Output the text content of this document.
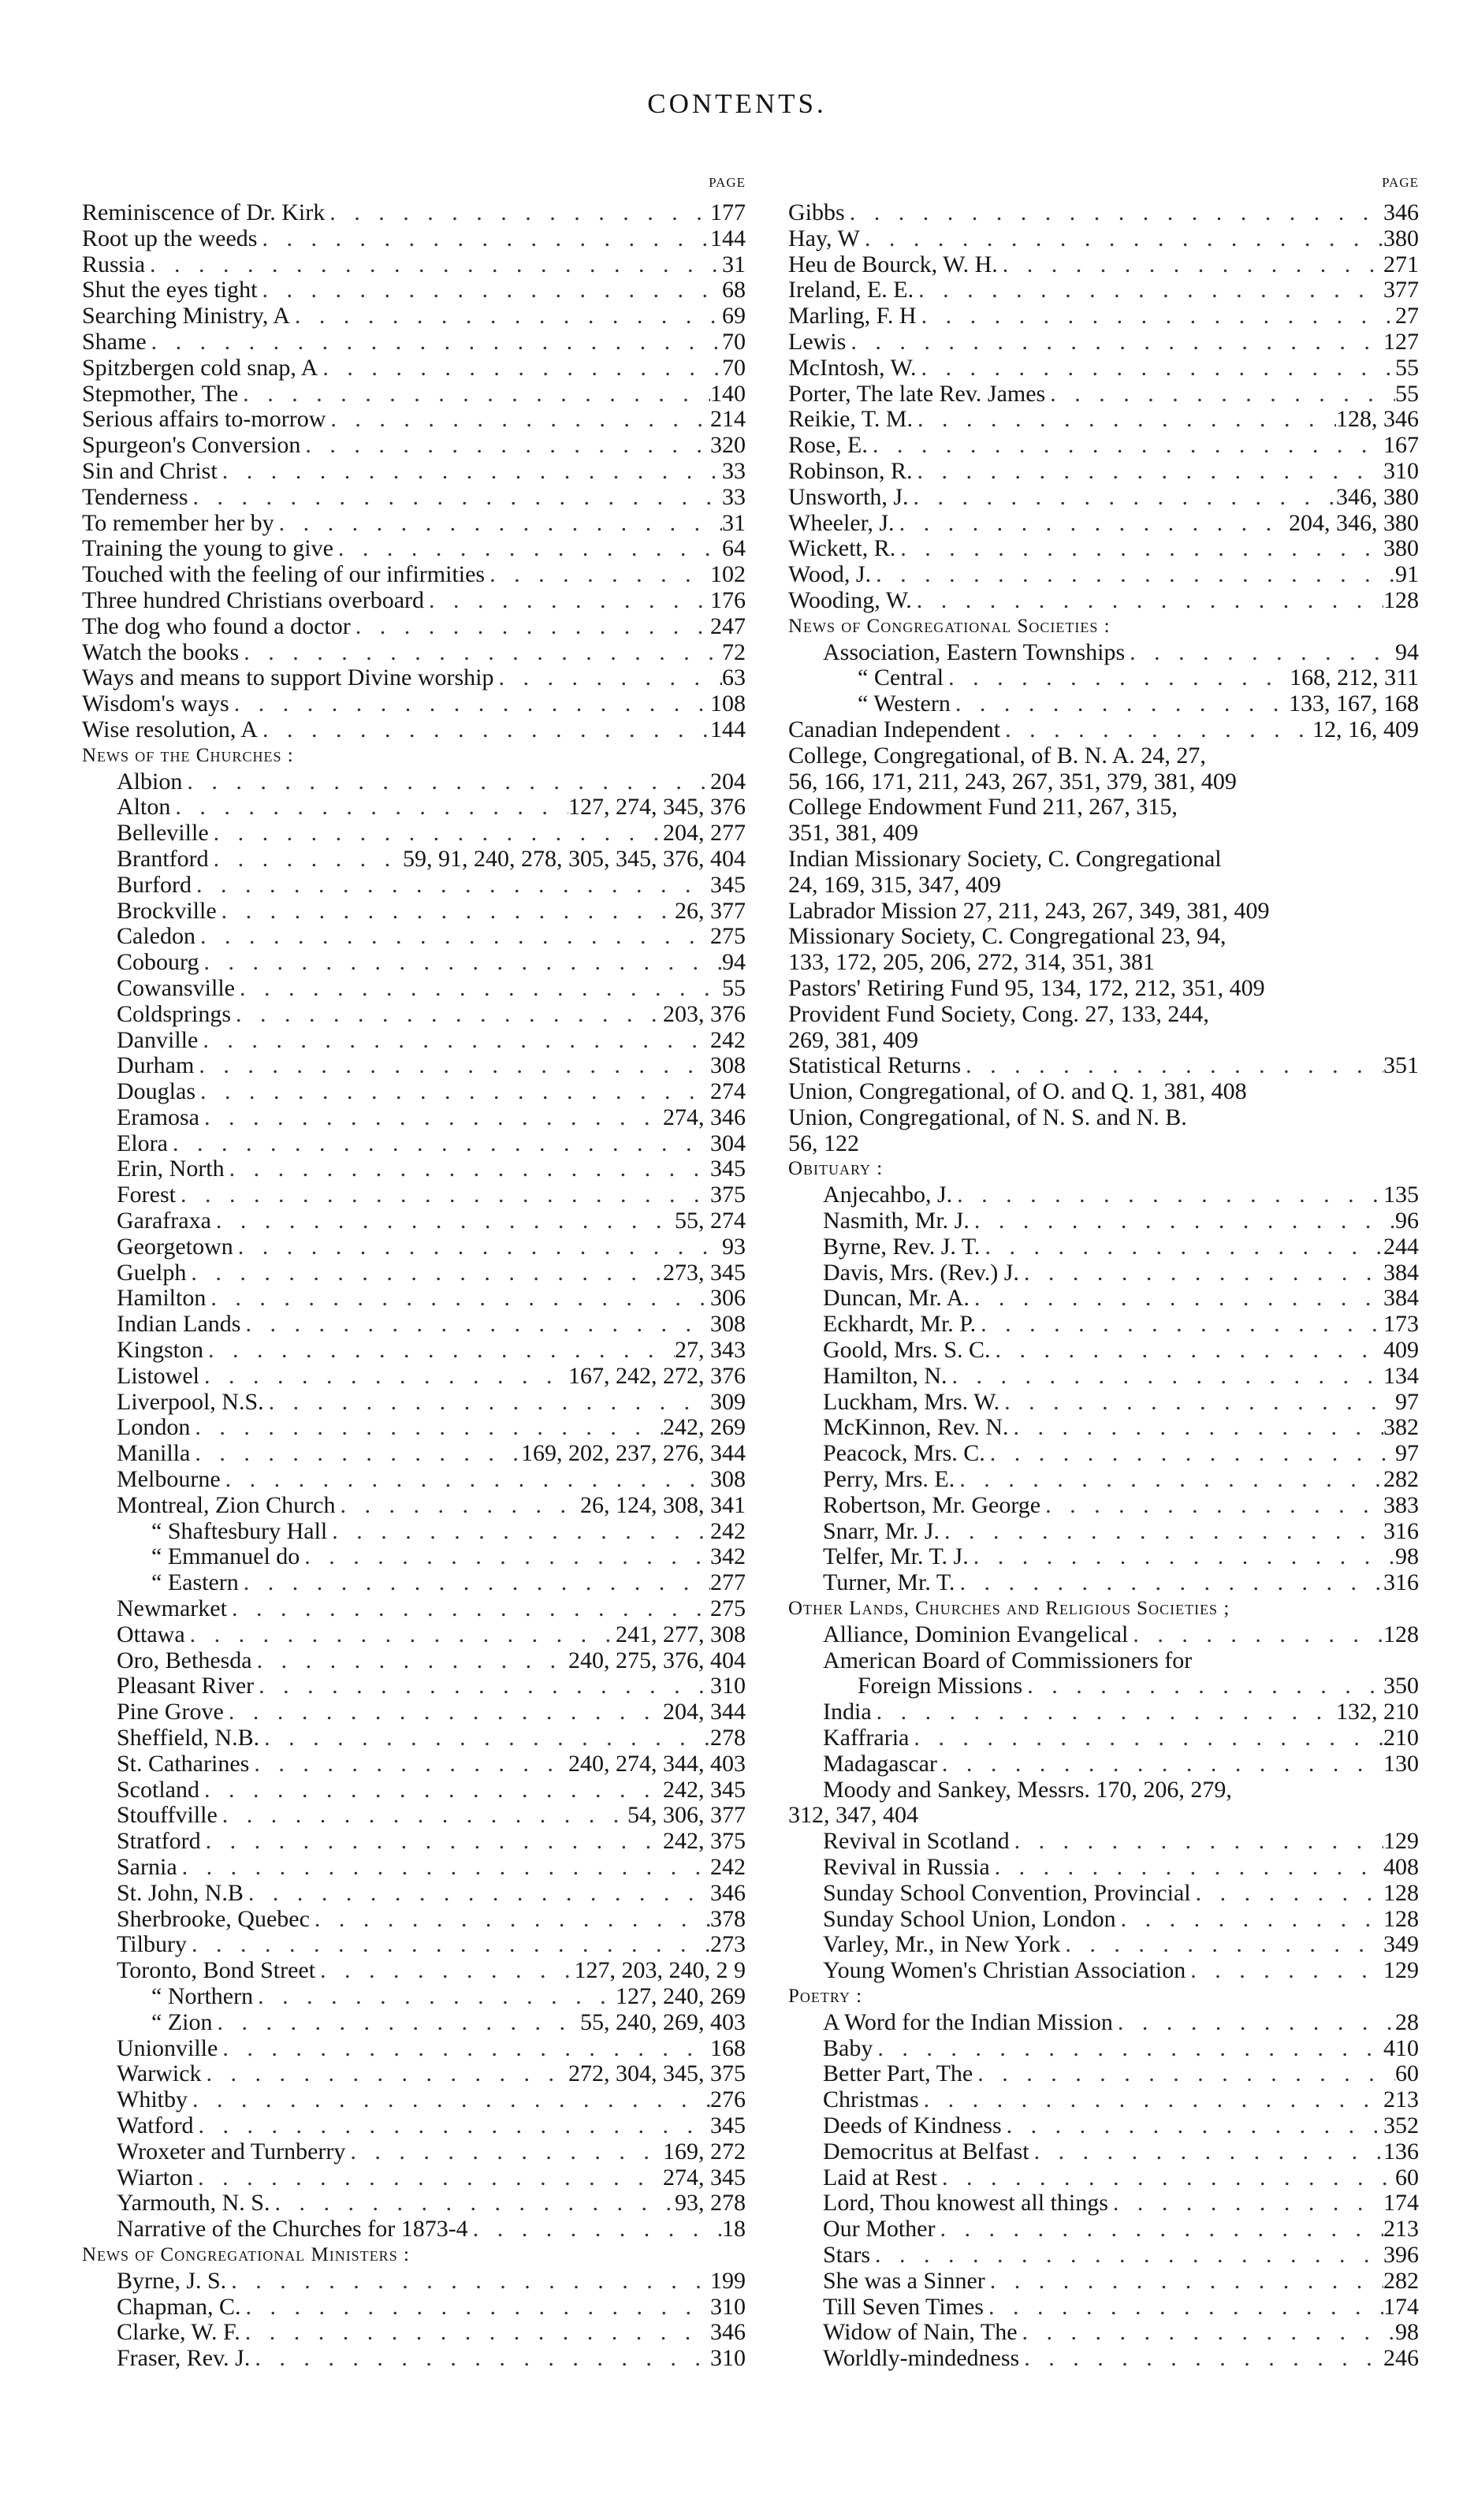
CONTENTS.
PAGE
Reminiscence of Dr. Kirk . . .	177
Root up the weeds . . .	144
Russia . . .	31
Shut the eyes tight . . .	68
Searching Ministry, A . . .	69
Shame . . .	70
Spitzbergen cold snap, A . . .	70
Stepmother, The . . .	140
Serious affairs to-morrow . . .	214
Spurgeon's Conversion . . .	320
Sin and Christ . . .	33
Tenderness . . .	33
To remember her by . . .	31
Training the young to give . . .	64
Touched with the feeling of our infirmities . . .	102
Three hundred Christians overboard . . .	176
The dog who found a doctor . . .	247
Watch the books . . .	72
Ways and means to support Divine worship . . .	63
Wisdom's ways . . .	108
Wise resolution, A . . .	144
News of the Churches :
Albion . . .	204
Alton . . .	127, 274, 345, 376
Belleville . . .	204, 277
Brantford . . .	59, 91, 240, 278, 305, 345, 376, 404
Burford . . .	345
Brockville . . .	26, 377
Caledon . . .	275
Cobourg . . .	94
Cowansville . . .	55
Coldsprings . . .	203, 376
Danville . . .	242
Durham . . .	308
Douglas . . .	274
Eramosa . . .	274, 346
Elora . . .	304
Erin, North . . .	345
Forest . . .	375
Garafraxa . . .	55, 274
Georgetown . . .	93
Guelph . . .	273, 345
Hamilton . . .	306
Indian Lands . . .	308
Kingston . . .	27, 343
Listowel . . .	167, 242, 272, 376
Liverpool, N.S. . . .	309
London . . .	242, 269
Manilla . . .	169, 202, 237, 276, 344
Melbourne . . .	308
Montreal, Zion Church . . .	26, 124, 308, 341
“ Shaftesbury Hall . . .	242
“ Emmanuel do . . .	342
“ Eastern . . .	277
Newmarket . . .	275
Ottawa . . .	241, 277, 308
Oro, Bethesda . . .	240, 275, 376, 404
Pleasant River . . .	310
Pine Grove . . .	204, 344
Sheffield, N.B. . . .	278
St. Catharines . . .	240, 274, 344, 403
Scotland . . .	242, 345
Stouffville . . .	54, 306, 377
Stratford . . .	242, 375
Sarnia . . .	242
St. John, N.B . . .	346
Sherbrooke, Quebec . . .	378
Tilbury . . .	273
Toronto, Bond Street . . .	127, 203, 240, 2 9
“ Northern . . .	127, 240, 269
“ Zion . . .	55, 240, 269, 403
Unionville . . .	168
Warwick . . .	272, 304, 345, 375
Whitby . . .	276
Watford . . .	345
Wroxeter and Turnberry . . .	169, 272
Wiarton . . .	274, 345
Yarmouth, N. S. . . .	93, 278
Narrative of the Churches for 1873-4 . . .	18
News of Congregational Ministers :
Byrne, J. S. . . .	199
Chapman, C. . . .	310
Clarke, W. F. . . .	346
Fraser, Rev. J. . . .	310
PAGE
Gibbs . . .	346
Hay, W . . .	380
Heu de Bourck, W. H. . . .	271
Ireland, E. E. . . .	377
Marling, F. H . . .	27
Lewis . . .	127
McIntosh, W. . . .	55
Porter, The late Rev. James . . .	55
Reikie, T. M. . . .	128, 346
Rose, E. . . .	167
Robinson, R. . . .	310
Unsworth, J. . . .	346, 380
Wheeler, J. . . .	204, 346, 380
Wickett, R. . . .	380
Wood, J. . . .	91
Wooding, W. . . .	128
News of Congregational Societies :
Association, Eastern Townships . . .	94
“ Central . . .	168, 212, 311
“ Western . . .	133, 167, 168
Canadian Independent . . .	12, 16, 409
College, Congregational, of B. N. A. 24, 27,
56, 166, 171, 211, 243, 267, 351, 379, 381, 409
College Endowment Fund 211, 267, 315,
351, 381, 409
Indian Missionary Society, C. Congregational
24, 169, 315, 347, 409
Labrador Mission 27, 211, 243, 267, 349, 381, 409
Missionary Society, C. Congregational 23, 94,
133, 172, 205, 206, 272, 314, 351, 381
Pastors' Retiring Fund 95, 134, 172, 212, 351, 409
Provident Fund Society, Cong. 27, 133, 244,
269, 381, 409
Statistical Returns . . .	351
Union, Congregational, of O. and Q. 1, 381, 408
Union, Congregational, of N. S. and N. B.
56, 122
Obituary :
Anjecahbo, J. . . .	135
Nasmith, Mr. J. . . .	96
Byrne, Rev. J. T. . . .	244
Davis, Mrs. (Rev.) J. . . .	384
Duncan, Mr. A. . . .	384
Eckhardt, Mr. P. . . .	173
Goold, Mrs. S. C. . . .	409
Hamilton, N. . . .	134
Luckham, Mrs. W. . . .	97
McKinnon, Rev. N. . . .	382
Peacock, Mrs. C. . . .	97
Perry, Mrs. E. . . .	282
Robertson, Mr. George . . .	383
Snarr, Mr. J. . . .	316
Telfer, Mr. T. J. . . .	98
Turner, Mr. T. . . .	316
Other Lands, Churches and Religious Societies ;
Alliance, Dominion Evangelical . . .	128
American Board of Commissioners for
Foreign Missions . . .	350
India . . .	132, 210
Kaffraria . . .	210
Madagascar . . .	130
Moody and Sankey, Messrs. 170, 206, 279,
312, 347, 404
Revival in Scotland . . .	129
Revival in Russia . . .	408
Sunday School Convention, Provincial . . .	128
Sunday School Union, London . . .	128
Varley, Mr., in New York . . .	349
Young Women's Christian Association . . .	129
Poetry :
A Word for the Indian Mission . . .	28
Baby . . .	410
Better Part, The . . .	60
Christmas . . .	213
Deeds of Kindness . . .	352
Democritus at Belfast . . .	136
Laid at Rest . . .	60
Lord, Thou knowest all things . . .	174
Our Mother . . .	213
Stars . . .	396
She was a Sinner . . .	282
Till Seven Times . . .	174
Widow of Nain, The . . .	98
Worldly-mindedness . . .	246
